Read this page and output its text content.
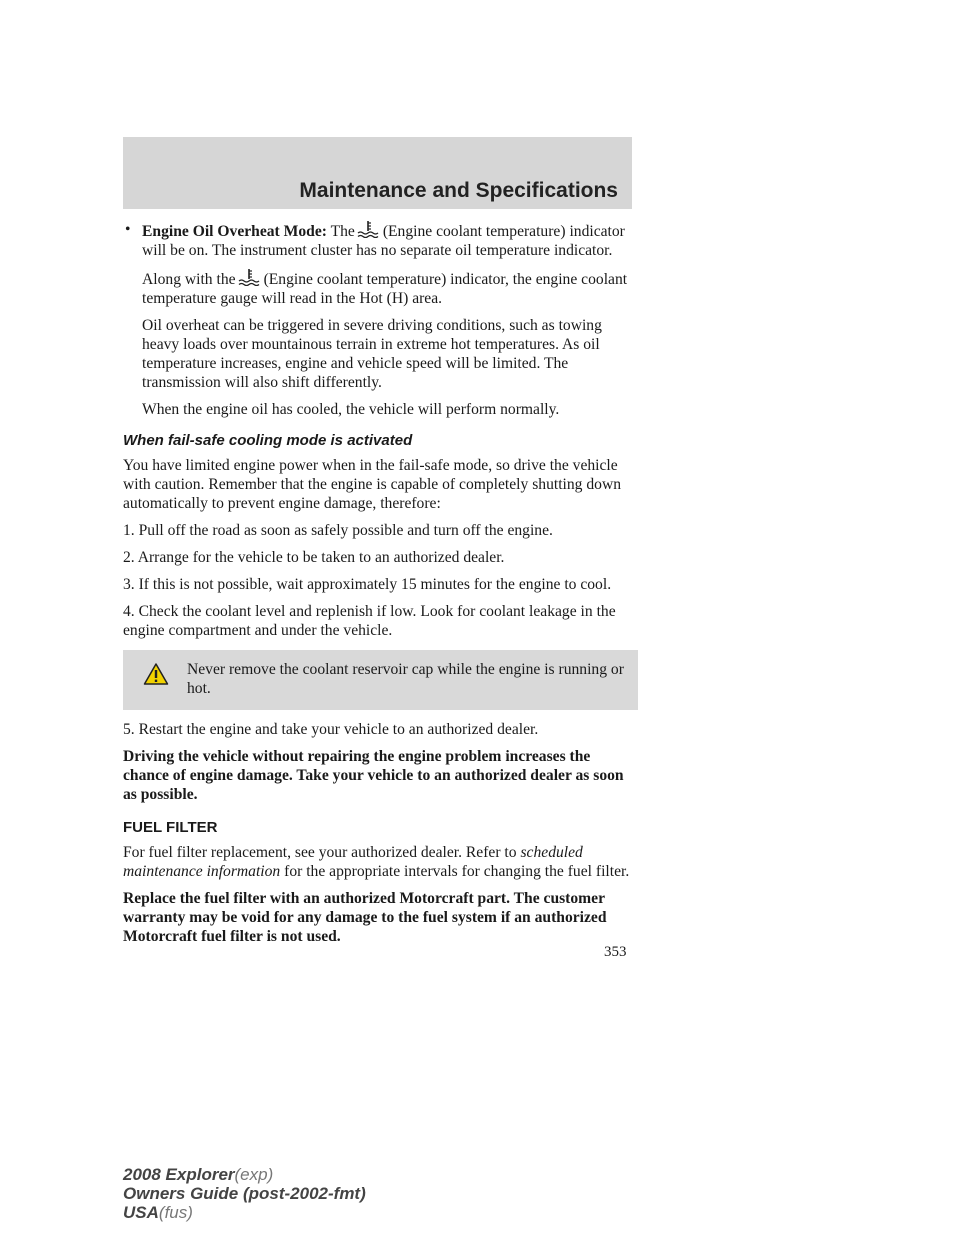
Maintenance and Specifications
• Engine Oil Overheat Mode: The (Engine coolant temperature) indicator will be on. The instrument cluster has no separate oil temperature indicator.

Along with the (Engine coolant temperature) indicator, the engine coolant temperature gauge will read in the Hot (H) area.

Oil overheat can be triggered in severe driving conditions, such as towing heavy loads over mountainous terrain in extreme hot temperatures. As oil temperature increases, engine and vehicle speed will be limited. The transmission will also shift differently.

When the engine oil has cooled, the vehicle will perform normally.

When fail-safe cooling mode is activated

You have limited engine power when in the fail-safe mode, so drive the vehicle with caution. Remember that the engine is capable of completely shutting down automatically to prevent engine damage, therefore:

1. Pull off the road as soon as safely possible and turn off the engine.

2. Arrange for the vehicle to be taken to an authorized dealer.

3. If this is not possible, wait approximately 15 minutes for the engine to cool.

4. Check the coolant level and replenish if low. Look for coolant leakage in the engine compartment and under the vehicle.

Never remove the coolant reservoir cap while the engine is running or hot.

5. Restart the engine and take your vehicle to an authorized dealer.

Driving the vehicle without repairing the engine problem increases the chance of engine damage. Take your vehicle to an authorized dealer as soon as possible.

FUEL FILTER

For fuel filter replacement, see your authorized dealer. Refer to scheduled maintenance information for the appropriate intervals for changing the fuel filter.

Replace the fuel filter with an authorized Motorcraft part. The customer warranty may be void for any damage to the fuel system if an authorized Motorcraft fuel filter is not used.

353
2008 Explorer(exp)
Owners Guide (post-2002-fmt)
USA(fus)
